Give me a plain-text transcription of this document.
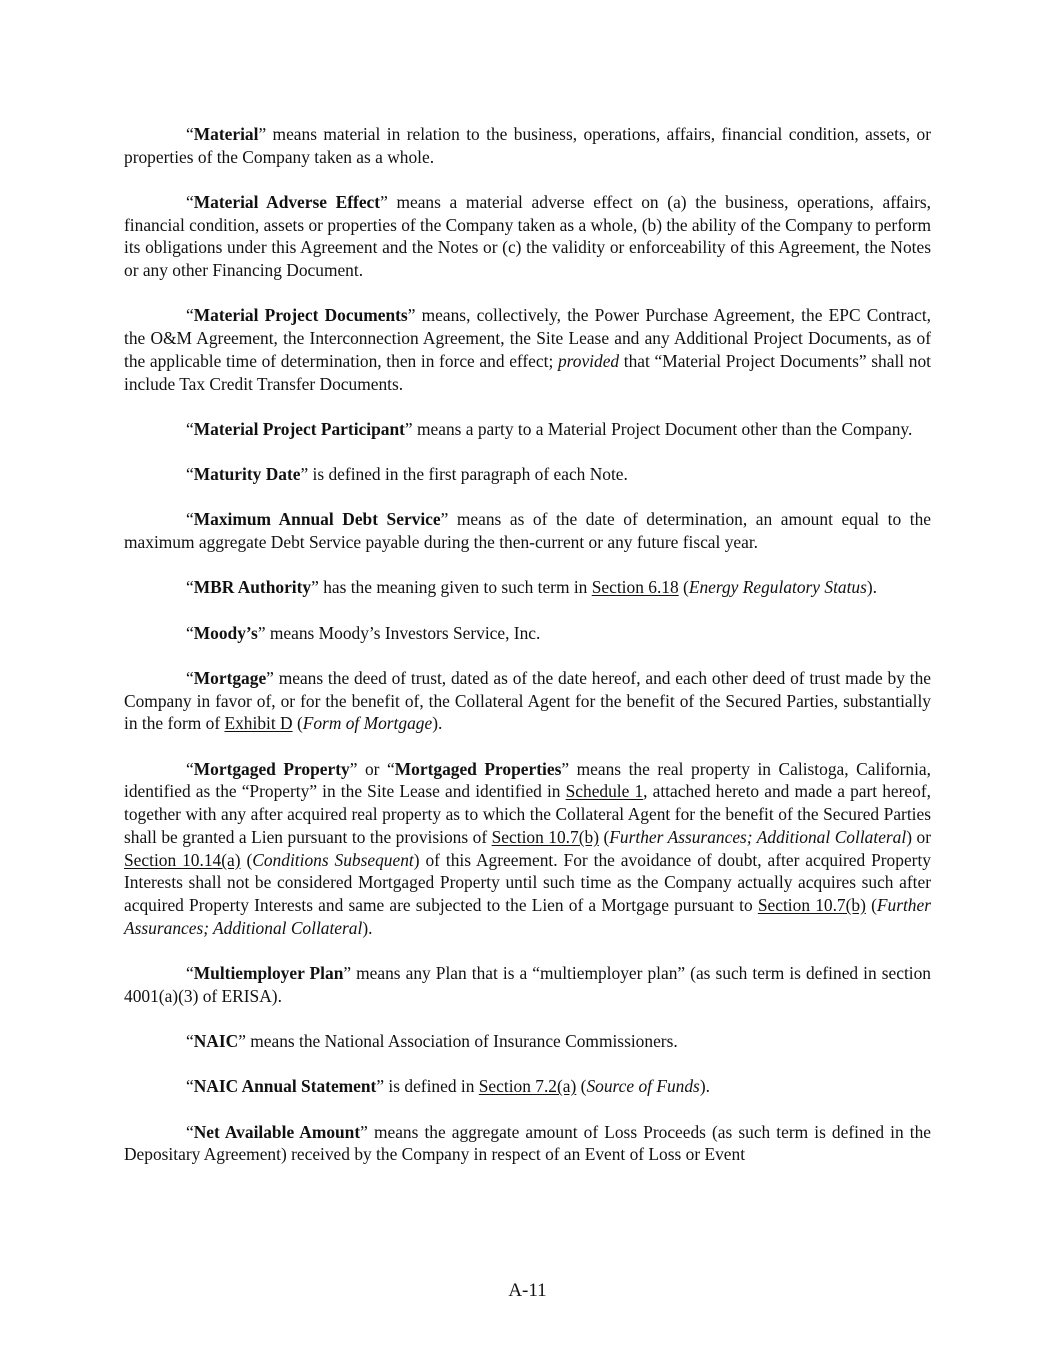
“Material” means material in relation to the business, operations, affairs, financial condition, assets, or properties of the Company taken as a whole.

“Material Adverse Effect” means a material adverse effect on (a) the business, operations, affairs, financial condition, assets or properties of the Company taken as a whole, (b) the ability of the Company to perform its obligations under this Agreement and the Notes or (c) the validity or enforceability of this Agreement, the Notes or any other Financing Document.

“Material Project Documents” means, collectively, the Power Purchase Agreement, the EPC Contract, the O&M Agreement, the Interconnection Agreement, the Site Lease and any Additional Project Documents, as of the applicable time of determination, then in force and effect; provided that “Material Project Documents” shall not include Tax Credit Transfer Documents.

“Material Project Participant” means a party to a Material Project Document other than the Company.

“Maturity Date” is defined in the first paragraph of each Note.

“Maximum Annual Debt Service” means as of the date of determination, an amount equal to the maximum aggregate Debt Service payable during the then-current or any future fiscal year.

“MBR Authority” has the meaning given to such term in Section 6.18 (Energy Regulatory Status).

“Moody’s” means Moody’s Investors Service, Inc.

“Mortgage” means the deed of trust, dated as of the date hereof, and each other deed of trust made by the Company in favor of, or for the benefit of, the Collateral Agent for the benefit of the Secured Parties, substantially in the form of Exhibit D (Form of Mortgage).

“Mortgaged Property” or “Mortgaged Properties” means the real property in Calistoga, California, identified as the “Property” in the Site Lease and identified in Schedule 1, attached hereto and made a part hereof, together with any after acquired real property as to which the Collateral Agent for the benefit of the Secured Parties shall be granted a Lien pursuant to the provisions of Section 10.7(b) (Further Assurances; Additional Collateral) or Section 10.14(a) (Conditions Subsequent) of this Agreement. For the avoidance of doubt, after acquired Property Interests shall not be considered Mortgaged Property until such time as the Company actually acquires such after acquired Property Interests and same are subjected to the Lien of a Mortgage pursuant to Section 10.7(b) (Further Assurances; Additional Collateral).

“Multiemployer Plan” means any Plan that is a “multiemployer plan” (as such term is defined in section 4001(a)(3) of ERISA).

“NAIC” means the National Association of Insurance Commissioners.

“NAIC Annual Statement” is defined in Section 7.2(a) (Source of Funds).

“Net Available Amount” means the aggregate amount of Loss Proceeds (as such term is defined in the Depositary Agreement) received by the Company in respect of an Event of Loss or Event

A-11
